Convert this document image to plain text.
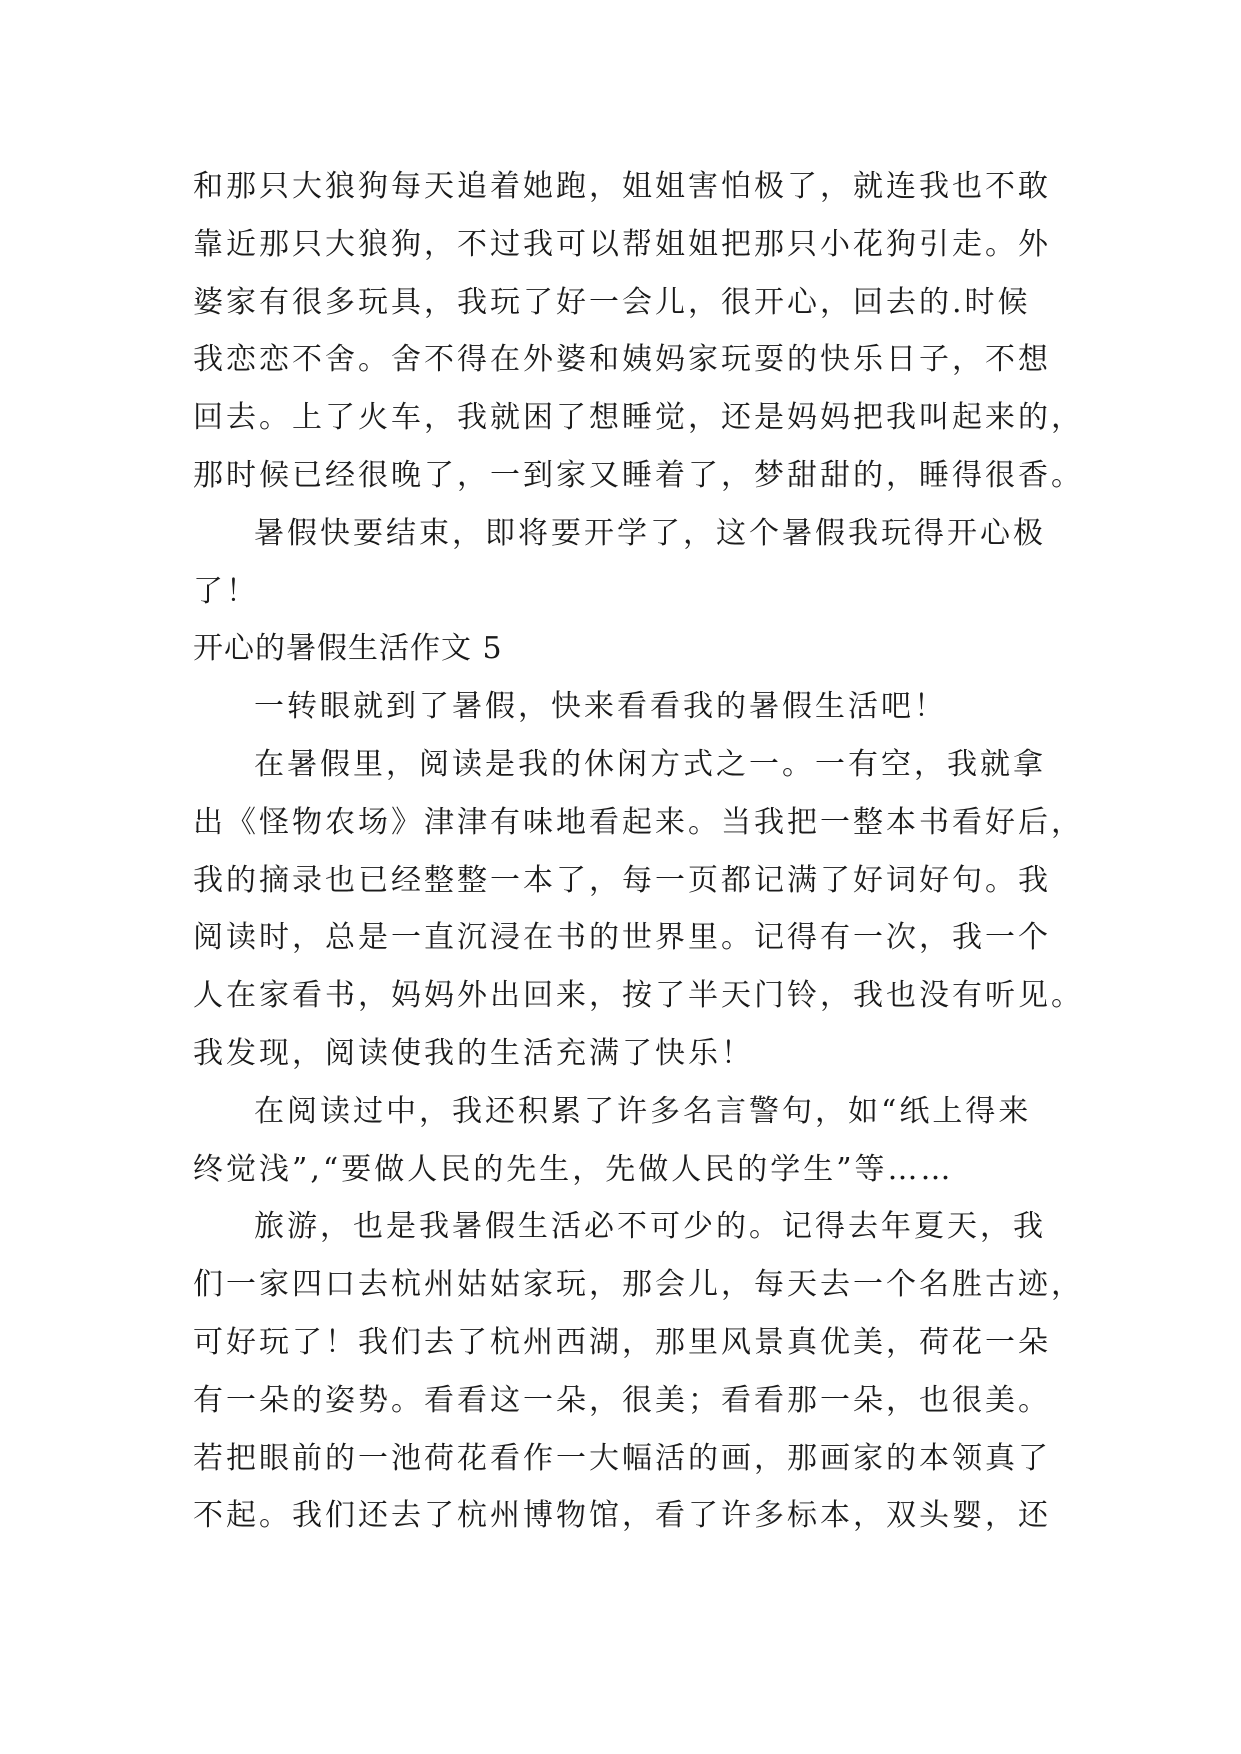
和那只大狼狗每天追着她跑，姐姐害怕极了，就连我也不敢
靠近那只大狼狗，不过我可以帮姐姐把那只小花狗引走。外
婆家有很多玩具，我玩了好一会儿，很开心，回去的.时候
我恋恋不舍。舍不得在外婆和姨妈家玩耍的快乐日子，不想
回去。上了火车，我就困了想睡觉，还是妈妈把我叫起来的，
那时候已经很晚了，一到家又睡着了，梦甜甜的，睡得很香。
暑假快要结束，即将要开学了，这个暑假我玩得开心极
了！
开心的暑假生活作文 5
一转眼就到了暑假，快来看看我的暑假生活吧！
在暑假里，阅读是我的休闲方式之一。一有空，我就拿
出《怪物农场》津津有味地看起来。当我把一整本书看好后，
我的摘录也已经整整一本了，每一页都记满了好词好句。我
阅读时，总是一直沉浸在书的世界里。记得有一次，我一个
人在家看书，妈妈外出回来，按了半天门铃，我也没有听见。
我发现，阅读使我的生活充满了快乐！
在阅读过中，我还积累了许多名言警句，如“纸上得来
终觉浅”,“要做人民的先生，先做人民的学生”等……
旅游，也是我暑假生活必不可少的。记得去年夏天，我
们一家四口去杭州姑姑家玩，那会儿，每天去一个名胜古迹，
可好玩了！我们去了杭州西湖，那里风景真优美，荷花一朵
有一朵的姿势。看看这一朵，很美；看看那一朵，也很美。
若把眼前的一池荷花看作一大幅活的画，那画家的本领真了
不起。我们还去了杭州博物馆，看了许多标本，双头婴，还
